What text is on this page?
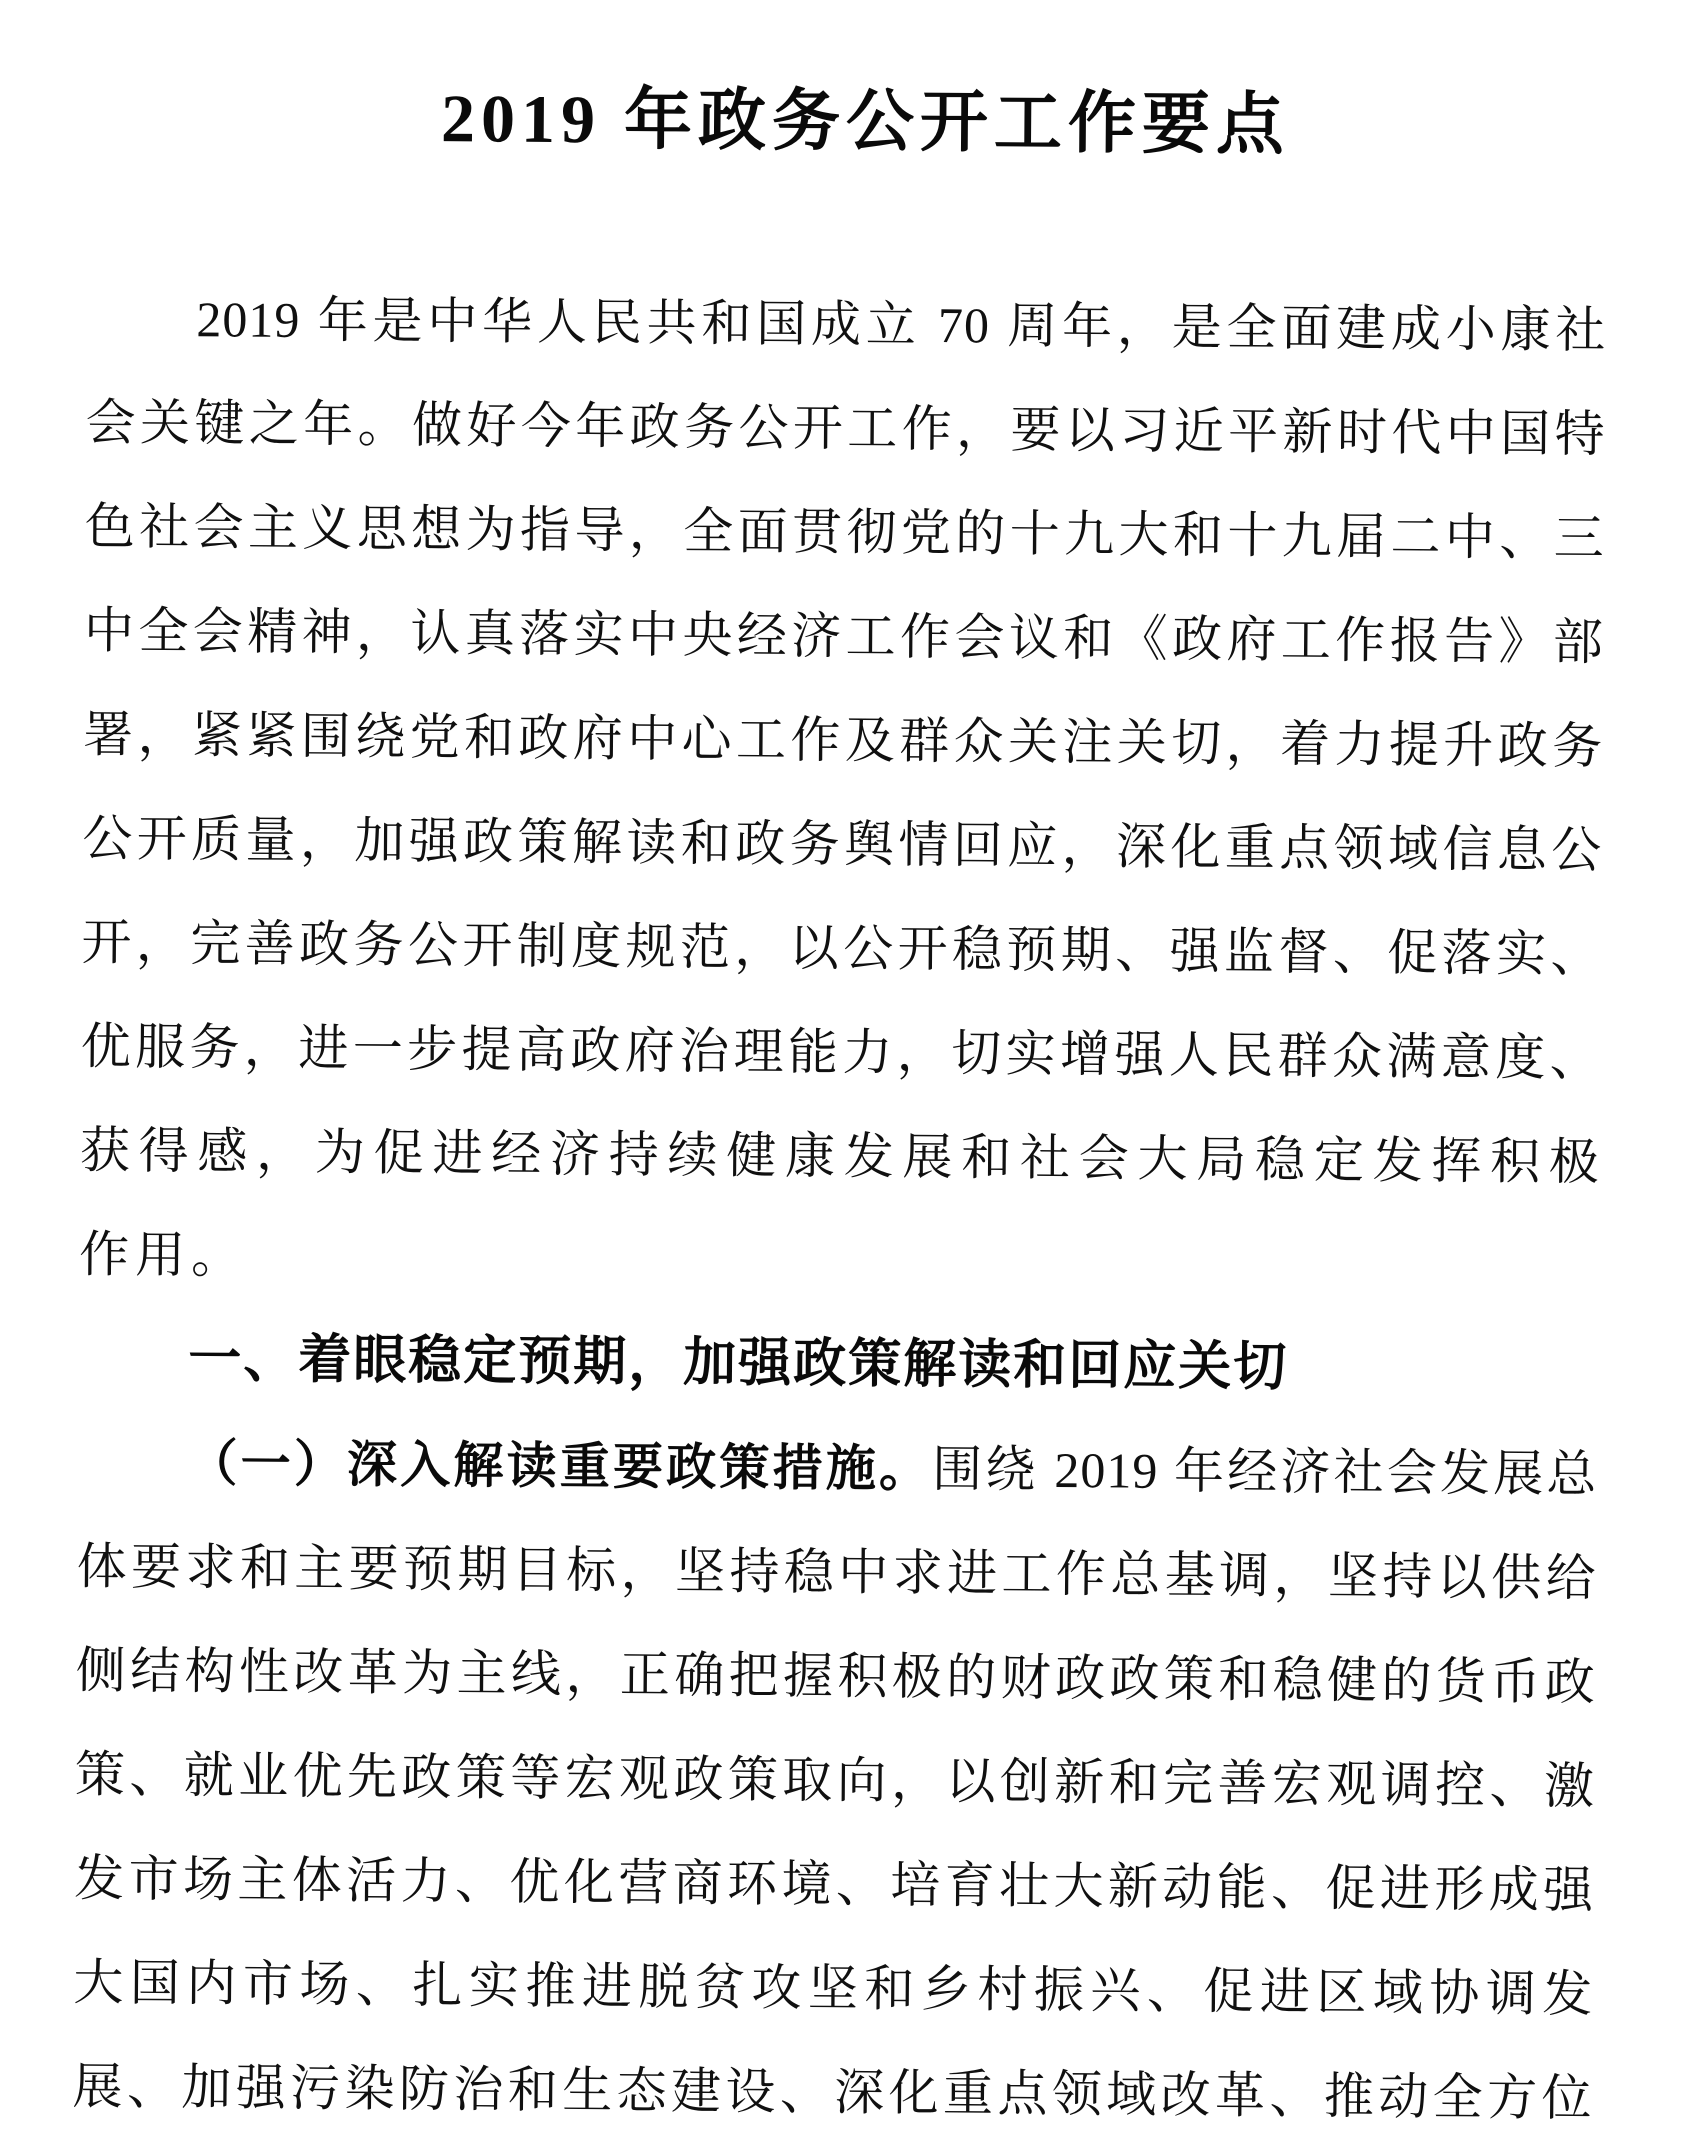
2019 年政务公开工作要点
2019 年是中华人民共和国成立 70 周年，是全面建成小康社
会关键之年。做好今年政务公开工作，要以习近平新时代中国特
色社会主义思想为指导，全面贯彻党的十九大和十九届二中、三
中全会精神，认真落实中央经济工作会议和《政府工作报告》部
署，紧紧围绕党和政府中心工作及群众关注关切，着力提升政务
公开质量，加强政策解读和政务舆情回应，深化重点领域信息公
开，完善政务公开制度规范，以公开稳预期、强监督、促落实、
优服务，进一步提高政府治理能力，切实增强人民群众满意度、
获得感，为促进经济持续健康发展和社会大局稳定发挥积极
作用。
一、着眼稳定预期，加强政策解读和回应关切
（一）深入解读重要政策措施。围绕 2019 年经济社会发展总
体要求和主要预期目标，坚持稳中求进工作总基调，坚持以供给
侧结构性改革为主线，正确把握积极的财政政策和稳健的货币政
策、就业优先政策等宏观政策取向，以创新和完善宏观调控、激
发市场主体活力、优化营商环境、培育壮大新动能、促进形成强
大国内市场、扎实推进脱贫攻坚和乡村振兴、促进区域协调发
展、加强污染防治和生态建设、深化重点领域改革、推动全方位
